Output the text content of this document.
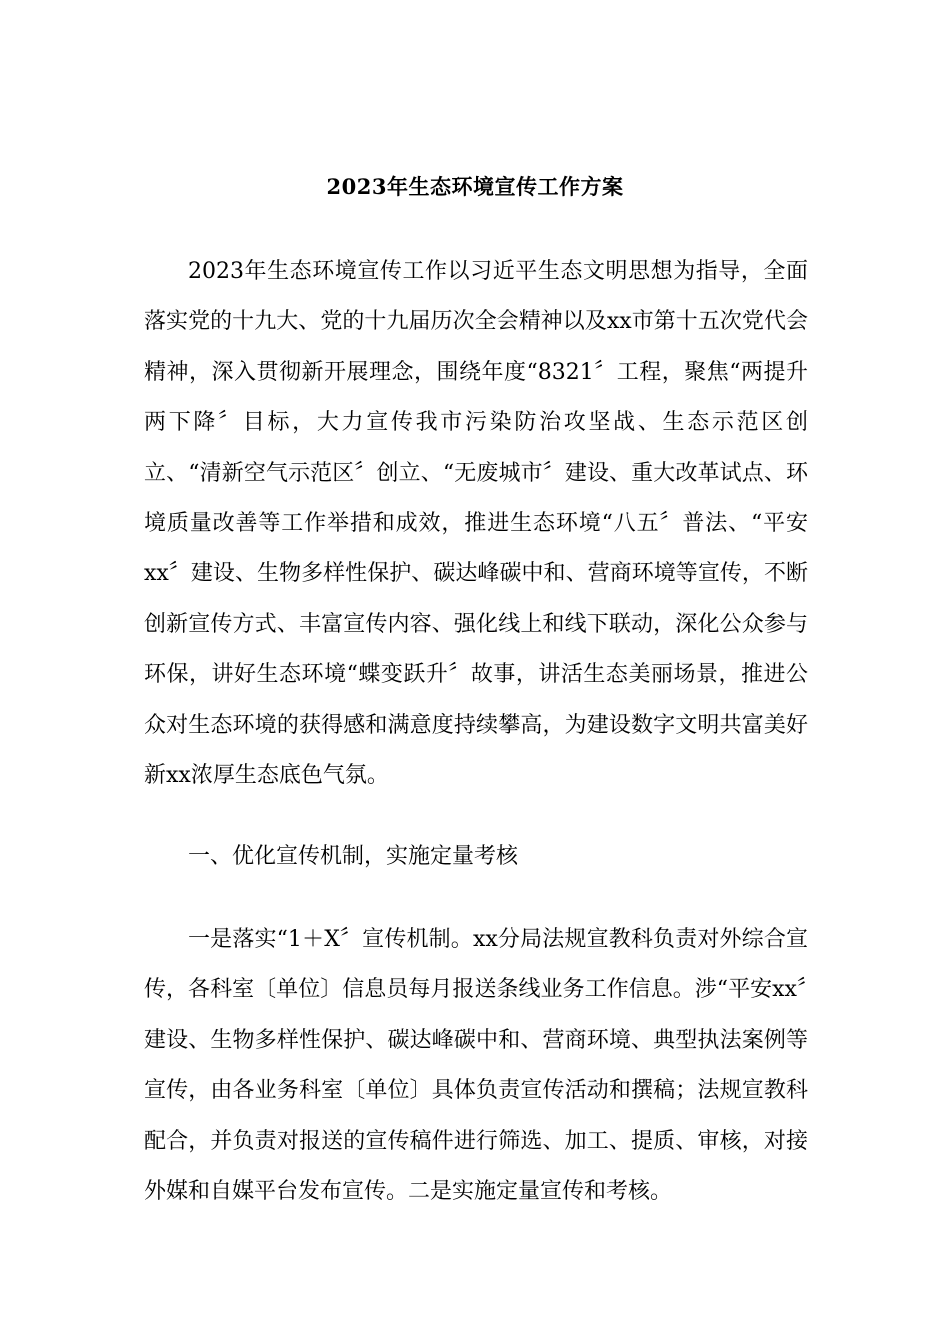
2023年生态环境宣传工作方案

2023年生态环境宣传工作以习近平生态文明思想为指导，全面落实党的十九大、党的十九届历次全会精神以及xx市第十五次党代会精神，深入贯彻新开展理念，围绕年度“8321〞工程，聚焦“两提升两下降〞目标，大力宣传我市污染防治攻坚战、生态示范区创立、“清新空气示范区〞创立、“无废城市〞建设、重大改革试点、环境质量改善等工作举措和成效，推进生态环境“八五〞普法、“平安xx〞建设、生物多样性保护、碳达峰碳中和、营商环境等宣传，不断创新宣传方式、丰富宣传内容、强化线上和线下联动，深化公众参与环保，讲好生态环境“蝶变跃升〞故事，讲活生态美丽场景，推进公众对生态环境的获得感和满意度持续攀高，为建设数字文明共富美好新xx浓厚生态底色气氛。

一、优化宣传机制，实施定量考核

一是落实“1＋X〞宣传机制。xx分局法规宣教科负责对外综合宣传，各科室〔单位〕信息员每月报送条线业务工作信息。涉“平安xx〞建设、生物多样性保护、碳达峰碳中和、营商环境、典型执法案例等宣传，由各业务科室〔单位〕具体负责宣传活动和撰稿；法规宣教科配合，并负责对报送的宣传稿件进行筛选、加工、提质、审核，对接外媒和自媒平台发布宣传。二是实施定量宣传和考核。
